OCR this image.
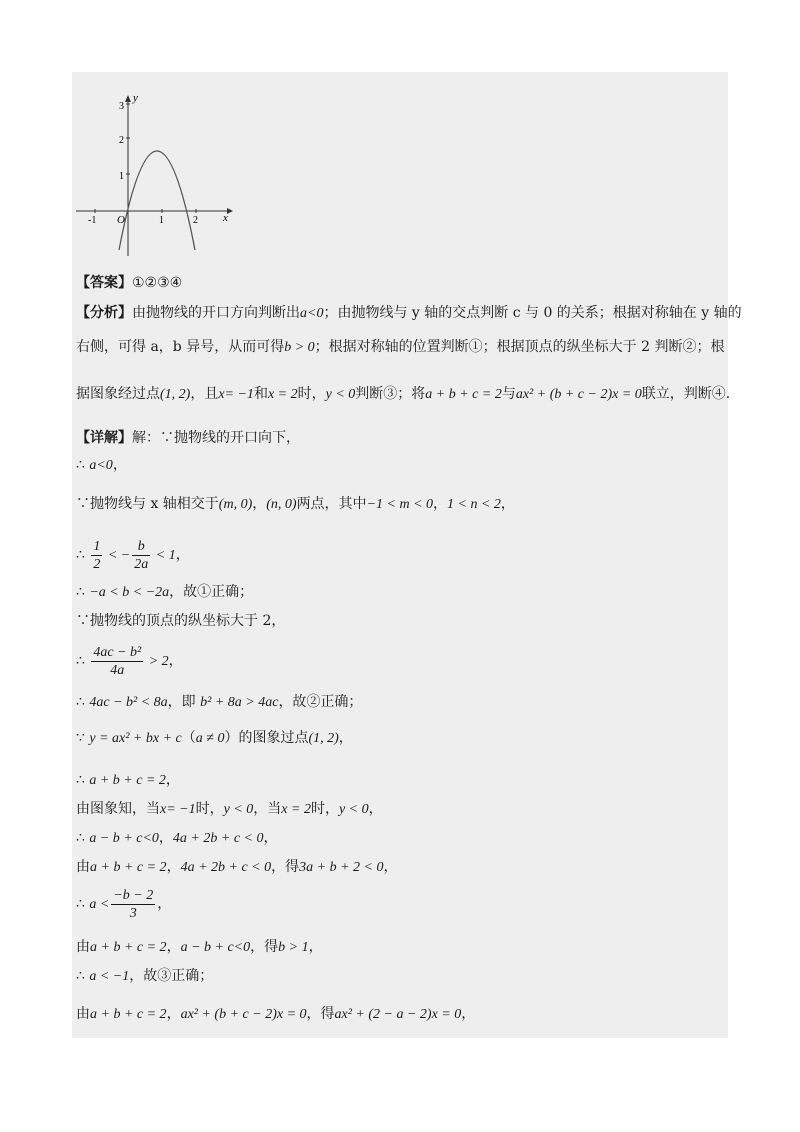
y
x
O
1
2
3
-1	1	2
【答案】①②③④
【分析】由抛物线的开口方向判断出a<0；由抛物线与 y 轴的交点判断 c 与 0 的关系；根据对称轴在 y 轴的
右侧，可得 a，b 异号，从而可得b > 0；根据对称轴的位置判断①；根据顶点的纵坐标大于 2 判断②；根
据图象经过点(1, 2)，且x= −1和x = 2时，y < 0判断③；将a + b + c = 2与ax² + (b + c − 2)x = 0联立，判断④.
【详解】解：∵抛物线的开口向下，
∴ a<0，
∵抛物线与 x 轴相交于(m, 0)，(n, 0)两点，其中−1 < m < 0，1 < n < 2，
∴ $\frac{1}{2}$ < − $\frac{b}{2a} < 1$，
∴ −a < b < −2a，故①正确；
∵抛物线的顶点的纵坐标大于 2，
∴ $\frac{\text{4ac − b²}}{4a} > 2$，
∴ 4ac − b² < 8a，即 b² + 8a > 4ac，故②正确；
∵ y = ax² + bx + c（a ≠ 0）的图象过点(1, 2)，
∴ a + b + c = 2，
由图象知，当x= −1时，y < 0，当x = 2时，y < 0，
∴ a − b + c<0，4a + 2b + c < 0，
由a + b + c = 2，4a + 2b + c < 0，得3a + b + 2 < 0，
∴ $a < \frac{-b - 2}{3}$ ，
由a + b + c = 2，a − b + c<0，得b > 1，
∴ a < −1，故③正确；
由a + b + c = 2，ax² + (b + c − 2)x = 0，得ax² + (2 − a − 2)x = 0，
